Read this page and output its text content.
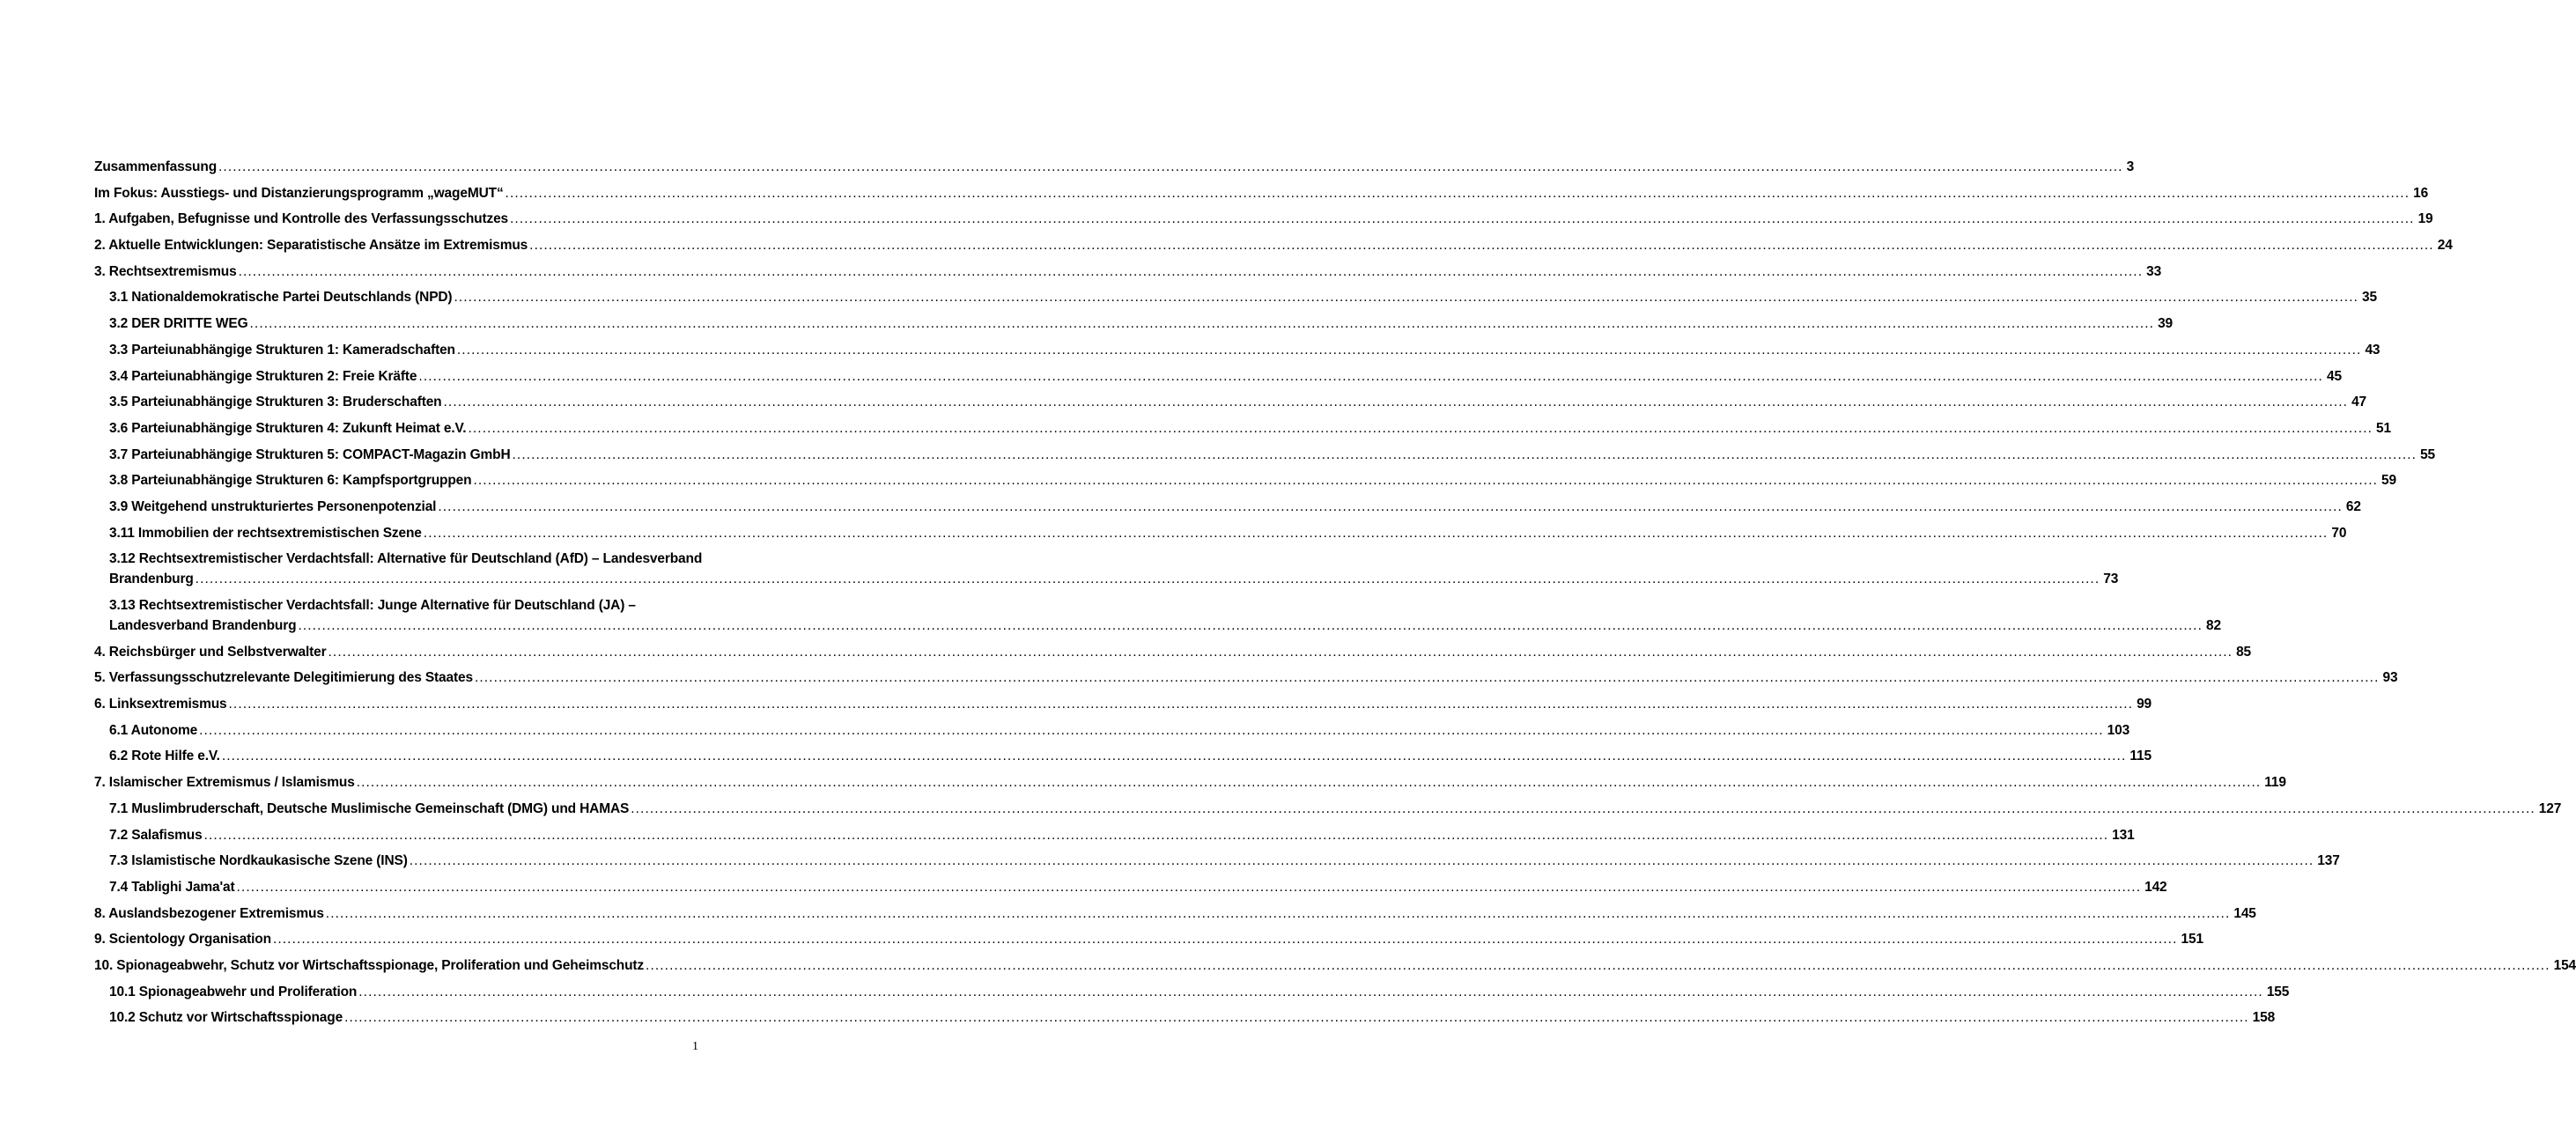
Zusammenfassung ................................................................................................................................................................................................................................................................................................................................................................................................................ 3
Im Fokus: Ausstiegs- und Distanzierungsprogramm „wageMUT“ ................................................................................................................................................................................................................................................................................................................................................................................................................ 16
1. Aufgaben, Befugnisse und Kontrolle des Verfassungsschutzes ................................................................................................................................................................................................................................................................................................................................................................................................................ 19
2. Aktuelle Entwicklungen: Separatistische Ansätze im Extremismus ................................................................................................................................................................................................................................................................................................................................................................................................................ 24
3. Rechtsextremismus ................................................................................................................................................................................................................................................................................................................................................................................................................ 33
3.1 Nationaldemokratische Partei Deutschlands (NPD) ................................................................................................................................................................................................................................................................................................................................................................................................................ 35
3.2 DER DRITTE WEG ................................................................................................................................................................................................................................................................................................................................................................................................................ 39
3.3 Parteiunabhängige Strukturen 1: Kameradschaften ................................................................................................................................................................................................................................................................................................................................................................................................................ 43
3.4 Parteiunabhängige Strukturen 2: Freie Kräfte ................................................................................................................................................................................................................................................................................................................................................................................................................ 45
3.5 Parteiunabhängige Strukturen 3: Bruderschaften ................................................................................................................................................................................................................................................................................................................................................................................................................ 47
3.6 Parteiunabhängige Strukturen 4: Zukunft Heimat e.V. ................................................................................................................................................................................................................................................................................................................................................................................................................ 51
3.7 Parteiunabhängige Strukturen 5: COMPACT-Magazin GmbH ................................................................................................................................................................................................................................................................................................................................................................................................................ 55
3.8 Parteiunabhängige Strukturen 6: Kampfsportgruppen ................................................................................................................................................................................................................................................................................................................................................................................................................ 59
3.9 Weitgehend unstrukturiertes Personenpotenzial ................................................................................................................................................................................................................................................................................................................................................................................................................ 62
3.11 Immobilien der rechtsextremistischen Szene ................................................................................................................................................................................................................................................................................................................................................................................................................ 70
3.12 Rechtsextremistischer Verdachtsfall: Alternative für Deutschland (AfD) – Landesverband
Brandenburg ................................................................................................................................................................................................................................................................................................................................................................................................................ 73
3.13 Rechtsextremistischer Verdachtsfall: Junge Alternative für Deutschland (JA) –
Landesverband Brandenburg ................................................................................................................................................................................................................................................................................................................................................................................................................ 82
4. Reichsbürger und Selbstverwalter ................................................................................................................................................................................................................................................................................................................................................................................................................ 85
5. Verfassungsschutzrelevante Delegitimierung des Staates ................................................................................................................................................................................................................................................................................................................................................................................................................ 93
6. Linksextremismus ................................................................................................................................................................................................................................................................................................................................................................................................................ 99
6.1 Autonome ................................................................................................................................................................................................................................................................................................................................................................................................................ 103
6.2 Rote Hilfe e.V. ................................................................................................................................................................................................................................................................................................................................................................................................................ 115
7. Islamischer Extremismus / Islamismus ................................................................................................................................................................................................................................................................................................................................................................................................................ 119
7.1 Muslimbruderschaft, Deutsche Muslimische Gemeinschaft (DMG) und HAMAS ................................................................................................................................................................................................................................................................................................................................................................................................................ 127
7.2 Salafismus ................................................................................................................................................................................................................................................................................................................................................................................................................ 131
7.3 Islamistische Nordkaukasische Szene (INS) ................................................................................................................................................................................................................................................................................................................................................................................................................ 137
7.4 Tablighi Jama'at ................................................................................................................................................................................................................................................................................................................................................................................................................ 142
8. Auslandsbezogener Extremismus ................................................................................................................................................................................................................................................................................................................................................................................................................ 145
9. Scientology Organisation ................................................................................................................................................................................................................................................................................................................................................................................................................ 151
10. Spionageabwehr, Schutz vor Wirtschaftsspionage, Proliferation und Geheimschutz ................................................................................................................................................................................................................................................................................................................................................................................................................ 154
10.1 Spionageabwehr und Proliferation ................................................................................................................................................................................................................................................................................................................................................................................................................ 155
10.2 Schutz vor Wirtschaftsspionage ................................................................................................................................................................................................................................................................................................................................................................................................................ 158
1
